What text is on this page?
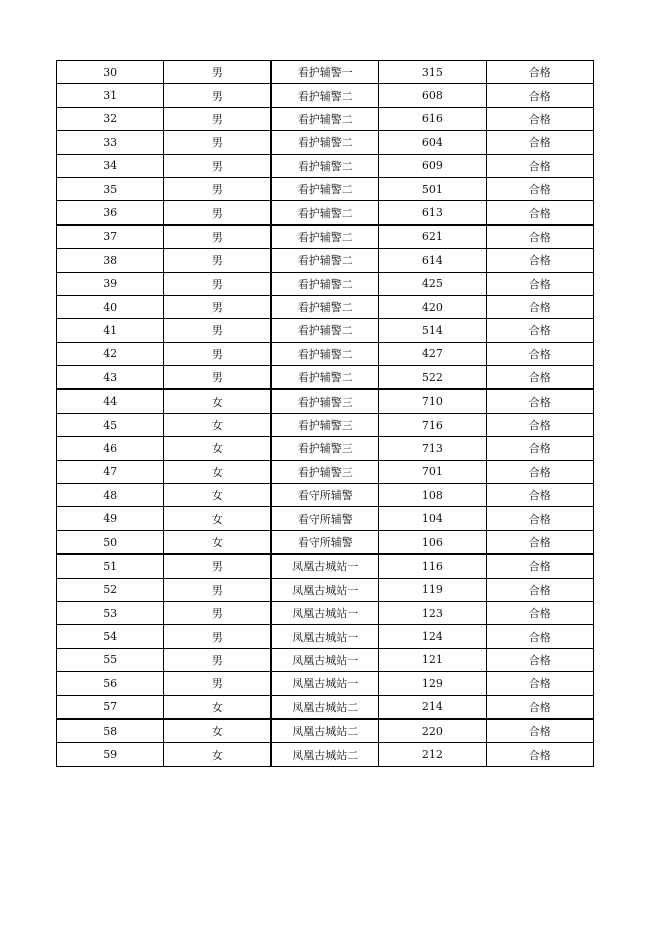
30	男	看护辅警一	315	合格
31	男	看护辅警二	608	合格
32	男	看护辅警二	616	合格
33	男	看护辅警二	604	合格
34	男	看护辅警二	609	合格
35	男	看护辅警二	501	合格
36	男	看护辅警二	613	合格
37	男	看护辅警二	621	合格
38	男	看护辅警二	614	合格
39	男	看护辅警二	425	合格
40	男	看护辅警二	420	合格
41	男	看护辅警二	514	合格
42	男	看护辅警二	427	合格
43	男	看护辅警二	522	合格
44	女	看护辅警三	710	合格
45	女	看护辅警三	716	合格
46	女	看护辅警三	713	合格
47	女	看护辅警三	701	合格
48	女	看守所辅警	108	合格
49	女	看守所辅警	104	合格
50	女	看守所辅警	106	合格
51	男	凤凰古城站一	116	合格
52	男	凤凰古城站一	119	合格
53	男	凤凰古城站一	123	合格
54	男	凤凰古城站一	124	合格
55	男	凤凰古城站一	121	合格
56	男	凤凰古城站一	129	合格
57	女	凤凰古城站二	214	合格
58	女	凤凰古城站二	220	合格
59	女	凤凰古城站二	212	合格
